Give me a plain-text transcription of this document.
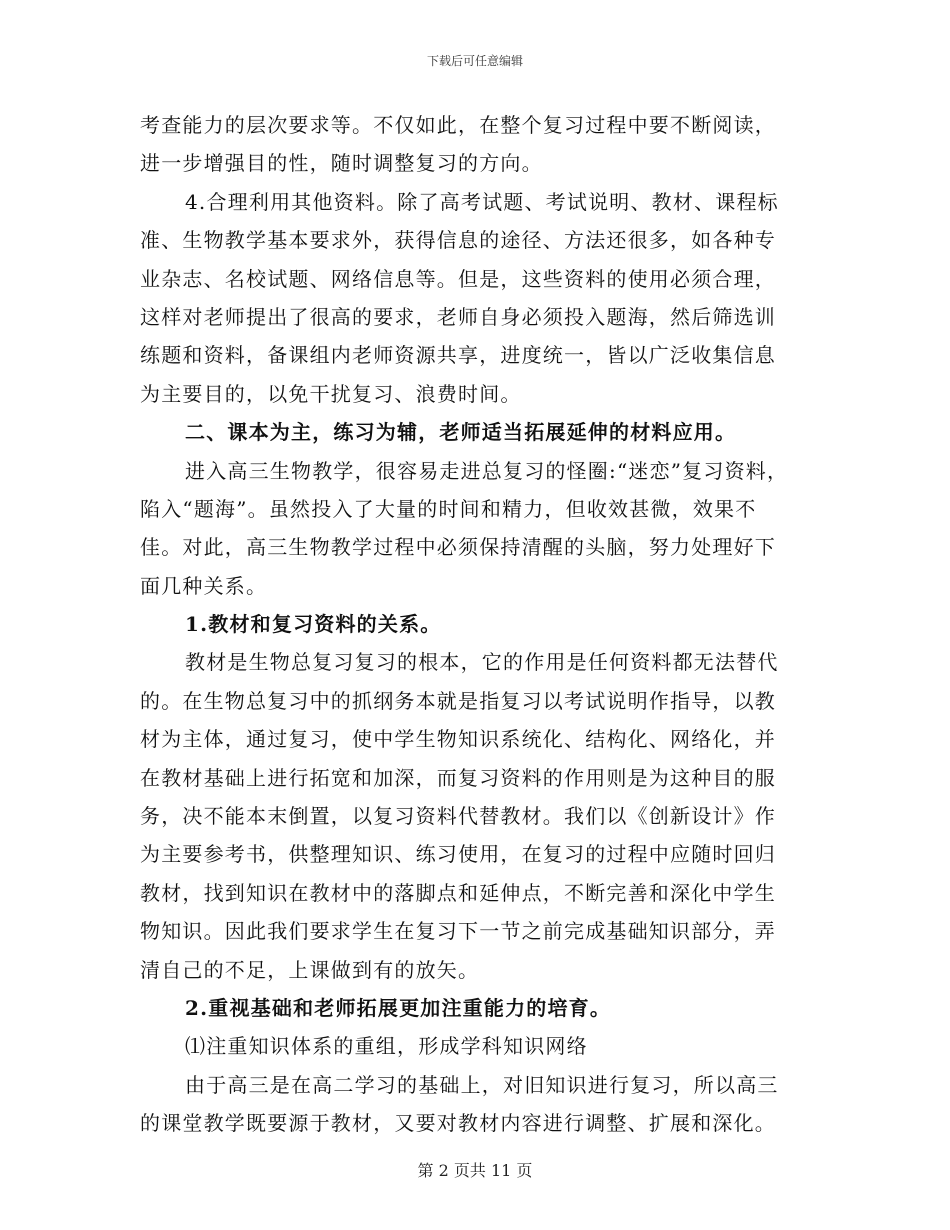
下载后可任意编辑
考查能力的层次要求等。不仅如此，在整个复习过程中要不断阅读，
进一步增强目的性，随时调整复习的方向。
4.合理利用其他资料。除了高考试题、考试说明、教材、课程标
准、生物教学基本要求外，获得信息的途径、方法还很多，如各种专
业杂志、名校试题、网络信息等。但是，这些资料的使用必须合理，
这样对老师提出了很高的要求，老师自身必须投入题海，然后筛选训
练题和资料，备课组内老师资源共享，进度统一，皆以广泛收集信息
为主要目的，以免干扰复习、浪费时间。
二、课本为主，练习为辅，老师适当拓展延伸的材料应用。
进入高三生物教学，很容易走进总复习的怪圈:“迷恋”复习资料，
陷入“题海”。虽然投入了大量的时间和精力，但收效甚微，效果不
佳。对此，高三生物教学过程中必须保持清醒的头脑，努力处理好下
面几种关系。
1.教材和复习资料的关系。
教材是生物总复习复习的根本，它的作用是任何资料都无法替代
的。在生物总复习中的抓纲务本就是指复习以考试说明作指导，以教
材为主体，通过复习，使中学生物知识系统化、结构化、网络化，并
在教材基础上进行拓宽和加深，而复习资料的作用则是为这种目的服
务，决不能本末倒置，以复习资料代替教材。我们以《创新设计》作
为主要参考书，供整理知识、练习使用，在复习的过程中应随时回归
教材，找到知识在教材中的落脚点和延伸点，不断完善和深化中学生
物知识。因此我们要求学生在复习下一节之前完成基础知识部分，弄
清自己的不足，上课做到有的放矢。
2.重视基础和老师拓展更加注重能力的培育。
⑴注重知识体系的重组，形成学科知识网络
由于高三是在高二学习的基础上，对旧知识进行复习，所以高三
的课堂教学既要源于教材，又要对教材内容进行调整、扩展和深化。
第 2 页共 11 页
